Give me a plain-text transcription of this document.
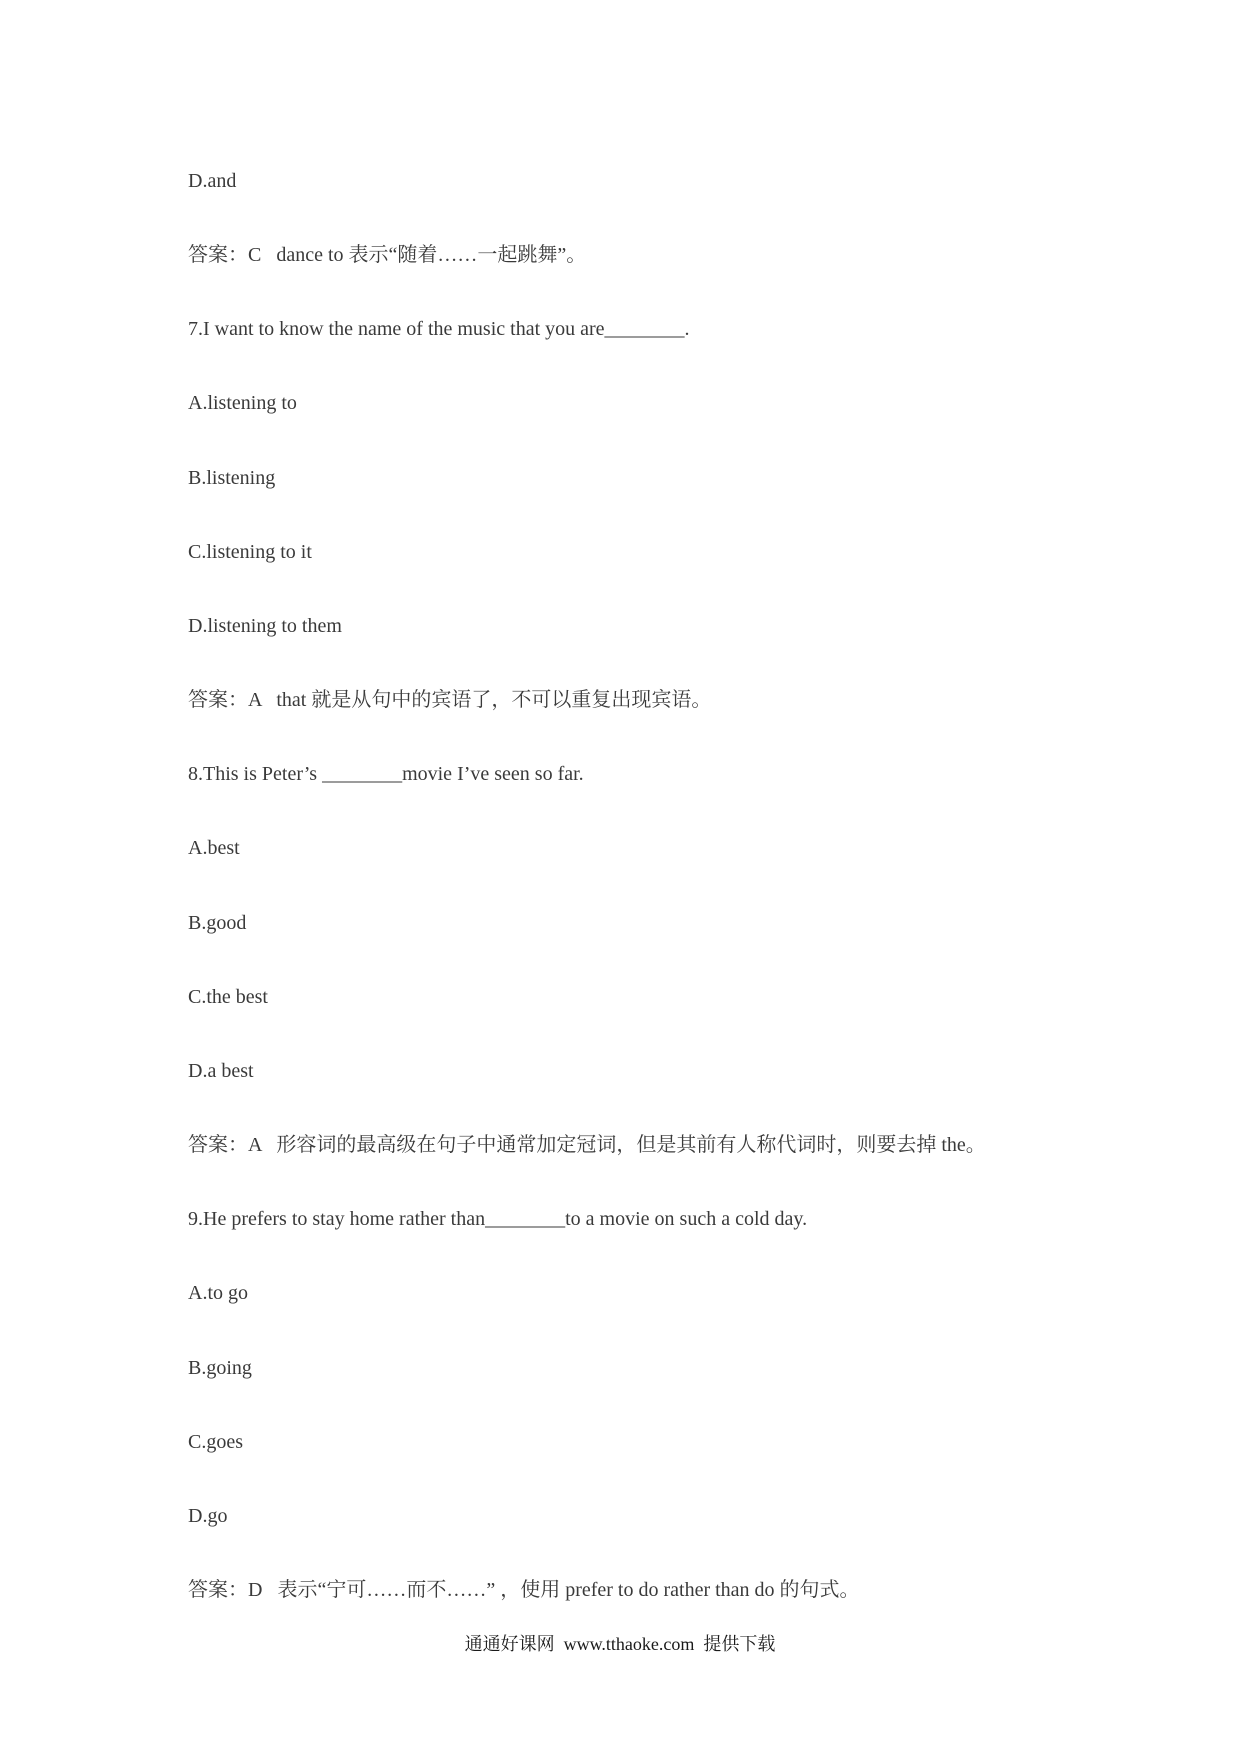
D.and
答案：C   dance to 表示“随着……一起跳舞”。
7.I want to know the name of the music that you are________.
A.listening to
B.listening
C.listening to it
D.listening to them
答案：A   that 就是从句中的宾语了，不可以重复出现宾语。
8.This is Peter’s ________movie I’ve seen so far.
A.best
B.good
C.the best
D.a best
答案：A   形容词的最高级在句子中通常加定冠词，但是其前有人称代词时，则要去掉 the。
9.He prefers to stay home rather than________to a movie on such a cold day.
A.to go
B.going
C.goes
D.go
答案：D   表示“宁可……而不……” ，使用 prefer to do rather than do 的句式。
通通好课网  www.tthaoke.com  提供下载
